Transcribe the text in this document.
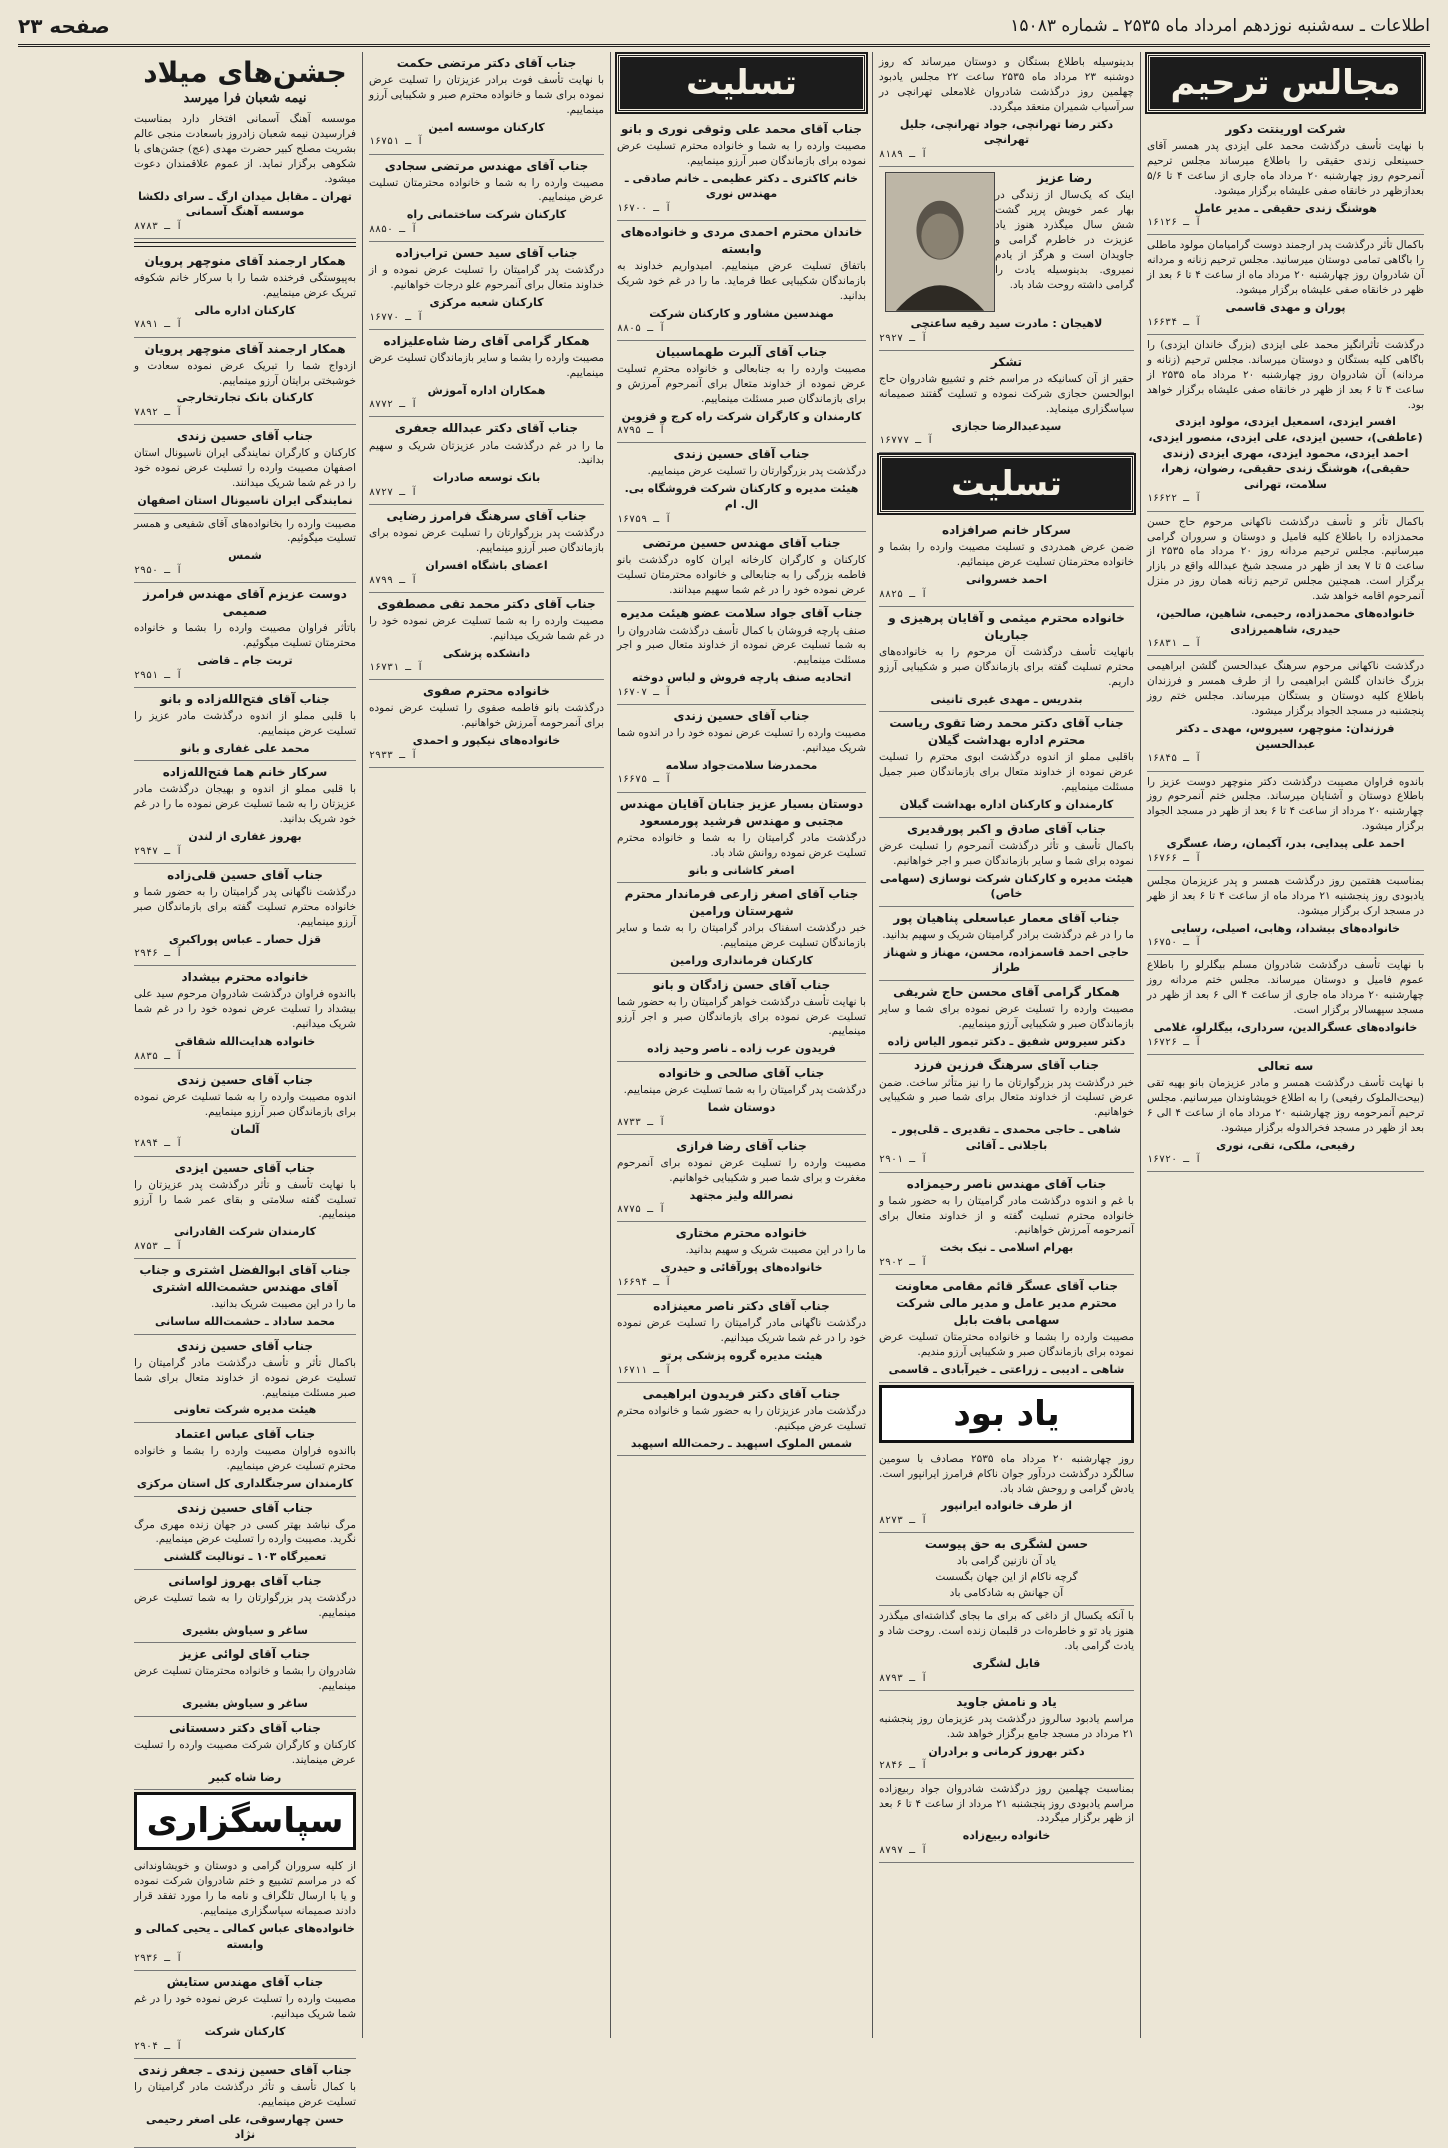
اطلاعات ـ سه‌شنبه نوزدهم امرداد ماه ۲۵۳۵ ـ شماره ۱۵۰۸۳
صفحه ۲۳
مجالس ترحیم
شرکت اورینتت دکور
با نهایت تأسف درگذشت محمد علی ایزدی پدر همسر آقای حسینعلی زندی حقیقی را باطلاع میرساند مجلس ترحیم آنمرحوم روز چهارشنبه ۲۰ مرداد ماه جاری از ساعت ۴ تا ۵/۶ بعدازظهر در خانقاه صفی علیشاه برگزار میشود.
هوشنگ زندی حقیقی ـ مدیر عامل
آ ـ ۱۶۱۲۶
باکمال تأثر درگذشت پدر ارجمند دوست گرامیامان مولود ماطلی را باگاهی تمامی دوستان میرسانید. مجلس ترحیم زنانه و مردانه آن شادروان روز چهارشنبه ۲۰ مرداد ماه از ساعت ۴ تا ۶ بعد از ظهر در خانقاه صفی علیشاه برگزار میشود.
پوران و مهدی قاسمی
آ ـ ۱۶۶۳۴
درگذشت تأثرانگیز محمد علی ایزدی (بزرگ خاندان ایزدی) را باگاهی کلیه بستگان و دوستان میرساند. مجلس ترحیم (زنانه و مردانه) آن شادروان روز چهارشنبه ۲۰ مرداد ماه ۲۵۳۵ از ساعت ۴ تا ۶ بعد از ظهر در خانقاه صفی علیشاه برگزار خواهد بود.
افسر ایزدی، اسمعیل ایزدی، مولود ایزدی (عاطفی)، حسین ایزدی، علی ایزدی، منصور ایزدی، احمد ایزدی، محمود ایزدی، مهری ایزدی (زندی حقیقی)، هوشنگ زندی حقیقی، رضوان، زهرا، سلامت، تهرانی
آ ـ ۱۶۶۲۲
باکمال تأثر و تأسف درگذشت ناکهانی مرحوم حاج حسن محمدزاده را باطلاع کلیه فامیل و دوستان و سروران گرامی میرسانیم. مجلس ترحیم مردانه روز ۲۰ مرداد ماه ۲۵۳۵ از ساعت ۵ تا ۷ بعد از ظهر در مسجد شیخ عبدالله واقع در بازار برگزار است. همچنین مجلس ترحیم زنانه همان روز در منزل آنمرحوم اقامه خواهد شد.
خانواده‌های محمدزاده، رحیمی، شاهین، صالحین، حیدری، شاهمیرزادی
آ ـ ۱۶۸۳۱
درگذشت ناکهانی مرحوم سرهنگ عبدالحسن گلشن ابراهیمی بزرگ خاندان گلشن ابراهیمی را از طرف همسر و فرزندان باطلاع کلیه دوستان و بستگان میرساند. مجلس ختم روز پنجشنبه در مسجد الجواد برگزار میشود.
فرزندان: منوچهر، سیروس، مهدی ـ دکتر عبدالحسین
آ ـ ۱۶۸۴۵
باندوه فراوان مصیبت درگذشت دکتر منوچهر دوست عزیز را باطلاع دوستان و آشنایان میرساند. مجلس ختم آنمرحوم روز چهارشنبه ۲۰ مرداد از ساعت ۴ تا ۶ بعد از ظهر در مسجد الجواد برگزار میشود.
احمد علی پیدایی، بدر، آکیمان، رضا، عسگری
آ ـ ۱۶۷۶۶
بمناسبت هفتمین روز درگذشت همسر و پدر عزیزمان مجلس یادبودی روز پنجشنبه ۲۱ مرداد ماه از ساعت ۴ تا ۶ بعد از ظهر در مسجد ارک برگزار میشود.
خانواده‌های بیشداد، وهابی، اصیلی، رسایی
آ ـ ۱۶۷۵۰
با نهایت تأسف درگذشت شادروان مسلم بیگلرلو را باطلاع عموم فامیل و دوستان میرساند. مجلس ختم مردانه روز چهارشنبه ۲۰ مرداد ماه جاری از ساعت ۴ الی ۶ بعد از ظهر در مسجد سپهسالار برگزار است.
خانواده‌های عسگرالدین، سرداری، بیگلرلو، غلامی
آ ـ ۱۶۷۲۶
سه تعالی
با نهایت تأسف درگذشت همسر و مادر عزیزمان بانو بهیه تقی (بیحت‌الملوک رفیعی) را به اطلاع خویشاوندان میرسانیم. مجلس ترحیم آنمرحومه روز چهارشنبه ۲۰ مرداد ماه از ساعت ۴ الی ۶ بعد از ظهر در مسجد فخرالدوله برگزار میشود.
رفیعی، ملکی، تقی، نوری
آ ـ ۱۶۷۲۰
بدینوسیله باطلاع بستگان و دوستان میرساند که روز دوشنبه ۲۳ مرداد ماه ۲۵۳۵ ساعت ۲۲ مجلس یادبود چهلمین روز درگذشت شادروان غلامعلی تهرانچی در سرآسیاب شمیران منعقد میگردد.
دکتر رضا تهرانچی، جواد تهرانچی، جلیل تهرانچی
آ ـ ۸۱۸۹
رضا عزیز
اینک که یک‌سال از زندگی در بهار عمر خویش پرپر گشت شش سال میگذرد هنوز یاد عزیزت در خاطرم گرامی و جاویدان است و هرگز از یادم نمیروی. بدینوسیله یادت را گرامی داشته روحت شاد باد.
لاهیجان : مادرت سید رقیه ساعتچی
آ ـ ۲۹۲۷
تشکر
حقیر از آن کسانیکه در مراسم ختم و تشییع شادروان حاج ابوالحسن حجازی شرکت نموده و تسلیت گفتند صمیمانه سپاسگزاری مینماید.
سیدعبدالرضا حجازی
آ ـ ۱۶۷۷۷
تسلیت
سرکار خانم صرافزاده
ضمن عرض همدردی و تسلیت مصیبت وارده را بشما و خانواده محترمتان تسلیت عرض مینمائیم.
احمد خسروانی
آ ـ ۸۸۲۵
خانواده محترم میثمی و آقایان پرهیزی و جباریان
بانهایت تأسف درگذشت آن مرحوم را به خانواده‌های محترم تسلیت گفته برای بازماندگان صبر و شکیبایی آرزو داریم.
بتدریس ـ مهدی غیری تانینی
جناب آقای دکتر محمد رضا تقوی ریاست محترم اداره بهداشت گیلان
باقلبی مملو از اندوه درگذشت ابوی محترم را تسلیت عرض نموده از خداوند متعال برای بازماندگان صبر جمیل مسئلت مینماییم.
کارمندان و کارکنان اداره بهداشت گیلان
جناب آقای صادق و اکبر پورقدیری
باکمال تأسف و تأثر درگذشت آنمرحوم را تسلیت عرض نموده برای شما و سایر بازماندگان صبر و اجر خواهانیم.
هیئت مدیره و کارکنان شرکت نوسازی (سهامی خاص)
جناب آقای معمار عباسعلی پناهیان پور
ما را در غم درگذشت برادر گرامیتان شریک و سهیم بدانید.
حاجی احمد قاسمزاده، محسن، مهناز و شهناز طراز
همکار گرامی آقای محسن حاج شریفی
مصیبت وارده را تسلیت عرض نموده برای شما و سایر بازماندگان صبر و شکیبایی آرزو مینماییم.
دکتر سیروس شفیق ـ دکتر تیمور الیاس زاده
جناب آقای سرهنگ فرزین فرزد
خبر درگذشت پدر بزرگوارتان ما را نیز متأثر ساخت. ضمن عرض تسلیت از خداوند متعال برای شما صبر و شکیبایی خواهانیم.
شاهی ـ حاجی محمدی ـ تقدیری ـ قلی‌پور ـ باجلانی ـ آقائی
آ ـ ۲۹۰۱
جناب آقای مهندس ناصر رحیمزاده
با غم و اندوه درگذشت مادر گرامیتان را به حضور شما و خانواده محترم تسلیت گفته و از خداوند متعال برای آنمرحومه آمرزش خواهانیم.
بهرام اسلامی ـ نیک بخت
آ ـ ۲۹۰۲
جناب آقای عسگر قائم مقامی معاونت محترم مدیر عامل و مدیر مالی شرکت سهامی بافت بابل
مصیبت وارده را بشما و خانواده محترمتان تسلیت عرض نموده برای بازماندگان صبر و شکیبایی آرزو مندیم.
شاهی ـ ادیبی ـ زراعتی ـ خیرآبادی ـ قاسمی
یاد بود
روز چهارشنبه ۲۰ مرداد ماه ۲۵۳۵ مصادف با سومین سالگرد درگذشت دردآور جوان ناکام فرامرز ایرانپور است. یادش گرامی و روحش شاد باد.
از طرف خانواده ایرانپور
آ ـ ۸۲۷۳
حسن لشگری به حق پیوست
یاد آن نازنین گرامی باد
گرچه ناکام از این جهان بگسست
آن جهانش به شادکامی باد
با آنکه یکسال از داغی که برای ما بجای گذاشته‌ای میگذرد هنوز یاد تو و خاطره‌ات در قلبمان زنده است. روحت شاد و یادت گرامی باد.
قابل لشگری
آ ـ ۸۷۹۳
یاد و نامش جاوید
مراسم یادبود سالروز درگذشت پدر عزیزمان روز پنجشنبه ۲۱ مرداد در مسجد جامع برگزار خواهد شد.
دکتر بهروز کرمانی و برادران
آ ـ ۲۸۴۶
بمناسبت چهلمین روز درگذشت شادروان جواد ربیع‌زاده مراسم یادبودی روز پنجشنبه ۲۱ مرداد از ساعت ۴ تا ۶ بعد از ظهر برگزار میگردد.
خانواده ربیع‌زاده
آ ـ ۸۷۹۷
تسلیت
جناب آقای محمد علی وثوقی نوری و بانو
مصیبت وارده را به شما و خانواده محترم تسلیت عرض نموده برای بازماندگان صبر آرزو مینماییم.
خانم کاکتری ـ دکتر عظیمی ـ خانم صادقی ـ مهندس نوری
آ ـ ۱۶۷۰۰
خاندان محترم احمدی مردی و خانواده‌های وابسته
باتفاق تسلیت عرض مینماییم. امیدواریم خداوند به بازماندگان شکیبایی عطا فرماید. ما را در غم خود شریک بدانید.
مهندسین مشاور و کارکنان شرکت
آ ـ ۸۸۰۵
جناب آقای آلبرت طهماسبیان
مصیبت وارده را به جنابعالی و خانواده محترم تسلیت عرض نموده از خداوند متعال برای آنمرحوم آمرزش و برای بازماندگان صبر مسئلت مینماییم.
کارمندان و کارگران شرکت راه کرج و قزوین
آ ـ ۸۷۹۵
جناب آقای حسین زندی
درگذشت پدر بزرگوارتان را تسلیت عرض مینماییم.
هیئت مدیره و کارکنان شرکت فروشگاه بی. ال. ام
آ ـ ۱۶۷۵۹
جناب آقای مهندس حسین مرتضی
کارکنان و کارگران کارخانه ایران کاوه درگذشت بانو فاطمه بزرگی را به جنابعالی و خانواده محترمتان تسلیت عرض نموده خود را در غم شما سهیم میدانند.
جناب آقای جواد سلامت عضو هیئت مدیره
صنف پارچه فروشان با کمال تأسف درگذشت شادروان را به شما تسلیت عرض نموده از خداوند متعال صبر و اجر مسئلت مینماییم.
اتحادیه صنف پارچه فروش و لباس دوخته
آ ـ ۱۶۷۰۷
جناب آقای حسین زندی
مصیبت وارده را تسلیت عرض نموده خود را در اندوه شما شریک میدانیم.
محمدرضا سلامت‌جواد سلامه
آ ـ ۱۶۶۷۵
دوستان بسیار عزیز جنابان آقایان مهندس مجتبی و مهندس فرشید پورمسعود
درگذشت مادر گرامیتان را به شما و خانواده محترم تسلیت عرض نموده روانش شاد باد.
اصغر کاشانی و بانو
جناب آقای اصغر زارعی فرماندار محترم شهرستان ورامین
خبر درگذشت اسفناک برادر گرامیتان را به شما و سایر بازماندگان تسلیت عرض مینماییم.
کارکنان فرمانداری ورامین
جناب آقای حسن زادگان و بانو
با نهایت تأسف درگذشت خواهر گرامیتان را به حضور شما تسلیت عرض نموده برای بازماندگان صبر و اجر آرزو مینماییم.
فریدون عرب زاده ـ ناصر وحید زاده
جناب آقای صالحی و خانواده
درگذشت پدر گرامیتان را به شما تسلیت عرض مینماییم.
دوستان شما
آ ـ ۸۷۳۳
جناب آقای رضا فرازی
مصیبت وارده را تسلیت عرض نموده برای آنمرحوم مغفرت و برای شما صبر و شکیبایی خواهانیم.
نصرالله ولیز مجتهد
آ ـ ۸۷۷۵
خانواده محترم مختاری
ما را در این مصیبت شریک و سهیم بدانید.
خانواده‌های پورآقائی و حیدری
آ ـ ۱۶۶۹۴
جناب آقای دکتر ناصر معینزاده
درگذشت ناگهانی مادر گرامیتان را تسلیت عرض نموده خود را در غم شما شریک میدانیم.
هیئت مدیره گروه پزشکی پرتو
آ ـ ۱۶۷۱۱
جناب آقای دکتر فریدون ابراهیمی
درگذشت مادر عزیزتان را به حضور شما و خانواده محترم تسلیت عرض میکنیم.
شمس الملوک اسپهبد ـ رحمت‌الله اسپهبد
جناب آقای دکتر مرتضی حکمت
با نهایت تأسف فوت برادر عزیزتان را تسلیت عرض نموده برای شما و خانواده محترم صبر و شکیبایی آرزو مینماییم.
کارکنان موسسه امین
آ ـ ۱۶۷۵۱
جناب آقای مهندس مرتضی سجادی
مصیبت وارده را به شما و خانواده محترمتان تسلیت عرض مینماییم.
کارکنان شرکت ساختمانی راه
آ ـ ۸۸۵۰
جناب آقای سید حسن تراب‌زاده
درگذشت پدر گرامیتان را تسلیت عرض نموده و از خداوند متعال برای آنمرحوم علو درجات خواهانیم.
کارکنان شعبه مرکزی
آ ـ ۱۶۷۷۰
همکار گرامی آقای رضا شاه‌علیزاده
مصیبت وارده را بشما و سایر بازماندگان تسلیت عرض مینماییم.
همکاران اداره آموزش
آ ـ ۸۷۷۲
جناب آقای دکتر عبدالله جعفری
ما را در غم درگذشت مادر عزیزتان شریک و سهیم بدانید.
بانک توسعه صادرات
آ ـ ۸۷۲۷
جناب آقای سرهنگ فرامرز رضایی
درگذشت پدر بزرگوارتان را تسلیت عرض نموده برای بازماندگان صبر آرزو مینماییم.
اعضای باشگاه افسران
آ ـ ۸۷۹۹
جناب آقای دکتر محمد تقی مصطفوی
مصیبت وارده را به شما تسلیت عرض نموده خود را در غم شما شریک میدانیم.
دانشکده پزشکی
آ ـ ۱۶۷۳۱
خانواده محترم صفوی
درگذشت بانو فاطمه صفوی را تسلیت عرض نموده برای آنمرحومه آمرزش خواهانیم.
خانواده‌های نیکپور و احمدی
آ ـ ۲۹۳۳
جشن‌های میلاد
نیمه شعبان فرا میرسد
موسسه آهنگ آسمانی افتخار دارد بمناسبت فرارسیدن نیمه شعبان زادروز باسعادت منجی عالم بشریت مصلح کبیر حضرت مهدی (عج) جشن‌های با شکوهی برگزار نماید. از عموم علاقمندان دعوت میشود.
تهران ـ مقابل میدان ارگ ـ سرای دلکشا موسسه آهنگ آسمانی
آ ـ ۸۷۸۳
همکار ارجمند آقای منوچهر پرویان
به‌پیوستگی فرخنده شما را با سرکار خانم شکوفه تبریک عرض مینماییم.
کارکنان اداره مالی
آ ـ ۷۸۹۱
همکار ارجمند آقای منوچهر پرویان
ازدواج شما را تبریک عرض نموده سعادت و خوشبختی برایتان آرزو مینماییم.
کارکنان بانک تجارتخارجی
آ ـ ۷۸۹۲
جناب آقای حسین زندی
کارکنان و کارگران نمایندگی ایران ناسیونال استان اصفهان مصیبت وارده را تسلیت عرض نموده خود را در غم شما شریک میدانند.
نمایندگی ایران ناسیونال استان اصفهان
مصیبت وارده را بخانواده‌های آقای شفیعی و همسر تسلیت میگوئیم.
شمس
آ ـ ۲۹۵۰
دوست عزیزم آقای مهندس فرامرز صمیمی
باتأثر فراوان مصیبت وارده را بشما و خانواده محترمتان تسلیت میگوئیم.
تربت جام ـ قاضی
آ ـ ۲۹۵۱
جناب آقای فتح‌الله‌زاده و بانو
با قلبی مملو از اندوه درگذشت مادر عزیز را تسلیت عرض مینماییم.
محمد علی غفاری و بانو
سرکار خانم هما فتح‌الله‌زاده
با قلبی مملو از اندوه و بهیجان درگذشت مادر عزیزتان را به شما تسلیت عرض نموده ما را در غم خود شریک بدانید.
بهروز غفاری از لندن
آ ـ ۲۹۴۷
جناب آقای حسین قلی‌زاده
درگذشت ناگهانی پدر گرامیتان را به حضور شما و خانواده محترم تسلیت گفته برای بازماندگان صبر آرزو مینماییم.
قزل حصار ـ عباس پوراکبری
آ ـ ۲۹۴۶
خانواده محترم بیشداد
بااندوه فراوان درگذشت شادروان مرحوم سید علی بیشداد را تسلیت عرض نموده خود را در غم شما شریک میدانیم.
خانواده هدایت‌الله شقاقی
آ ـ ۸۸۳۵
جناب آقای حسین زندی
اندوه مصیبت وارده را به شما تسلیت عرض نموده برای بازماندگان صبر آرزو مینماییم.
آلمان
آ ـ ۲۸۹۴
جناب آقای حسین ایزدی
با نهایت تأسف و تأثر درگذشت پدر عزیزتان را تسلیت گفته سلامتی و بقای عمر شما را آرزو مینماییم.
کارمندان شرکت القادرانی
آ ـ ۸۷۵۳
جناب آقای ابوالفضل اشتری و جناب آقای مهندس حشمت‌الله اشتری
ما را در این مصیبت شریک بدانید.
محمد ساداد ـ حشمت‌الله ساسانی
جناب آقای حسین زندی
باکمال تأثر و تأسف درگذشت مادر گرامیتان را تسلیت عرض نموده از خداوند متعال برای شما صبر مسئلت مینماییم.
هیئت مدیره شرکت تعاونی
جناب آقای عباس اعتماد
بااندوه فراوان مصیبت وارده را بشما و خانواده محترم تسلیت عرض مینماییم.
کارمندان سرجنگلداری کل استان مرکزی
جناب آقای حسین زندی
مرگ نباشد بهتر کسی در جهان زنده مهری مرگ نگرید. مصیبت وارده را تسلیت عرض مینماییم.
تعمیرگاه ۱۰۳ ـ تونالیت گلشنی
جناب آقای بهروز لواسانی
درگذشت پدر بزرگوارتان را به شما تسلیت عرض مینماییم.
ساغر و سیاوش بشیری
جناب آقای لوائی عزیز
شادروان را بشما و خانواده محترمتان تسلیت عرض مینماییم.
ساغر و سیاوش بشیری
جناب آقای دکتر دسستانی
کارکنان و کارگران شرکت مصیبت وارده را تسلیت عرض مینمایند.
رضا شاه کبیر
سپاسگزاری
از کلیه سروران گرامی و دوستان و خویشاوندانی که در مراسم تشییع و ختم شادروان شرکت نموده و یا با ارسال تلگراف و نامه ما را مورد تفقد قرار دادند صمیمانه سپاسگزاری مینماییم.
خانواده‌های عباس کمالی ـ یحیی کمالی و وابسته
آ ـ ۲۹۳۶
جناب آقای مهندس ستایش
مصیبت وارده را تسلیت عرض نموده خود را در غم شما شریک میدانیم.
کارکنان شرکت
آ ـ ۲۹۰۴
جناب آقای حسین زندی ـ جعفر زندی
با کمال تأسف و تأثر درگذشت مادر گرامیتان را تسلیت عرض مینماییم.
حسن چهارسوقی، علی اصغر رحیمی نژاد
